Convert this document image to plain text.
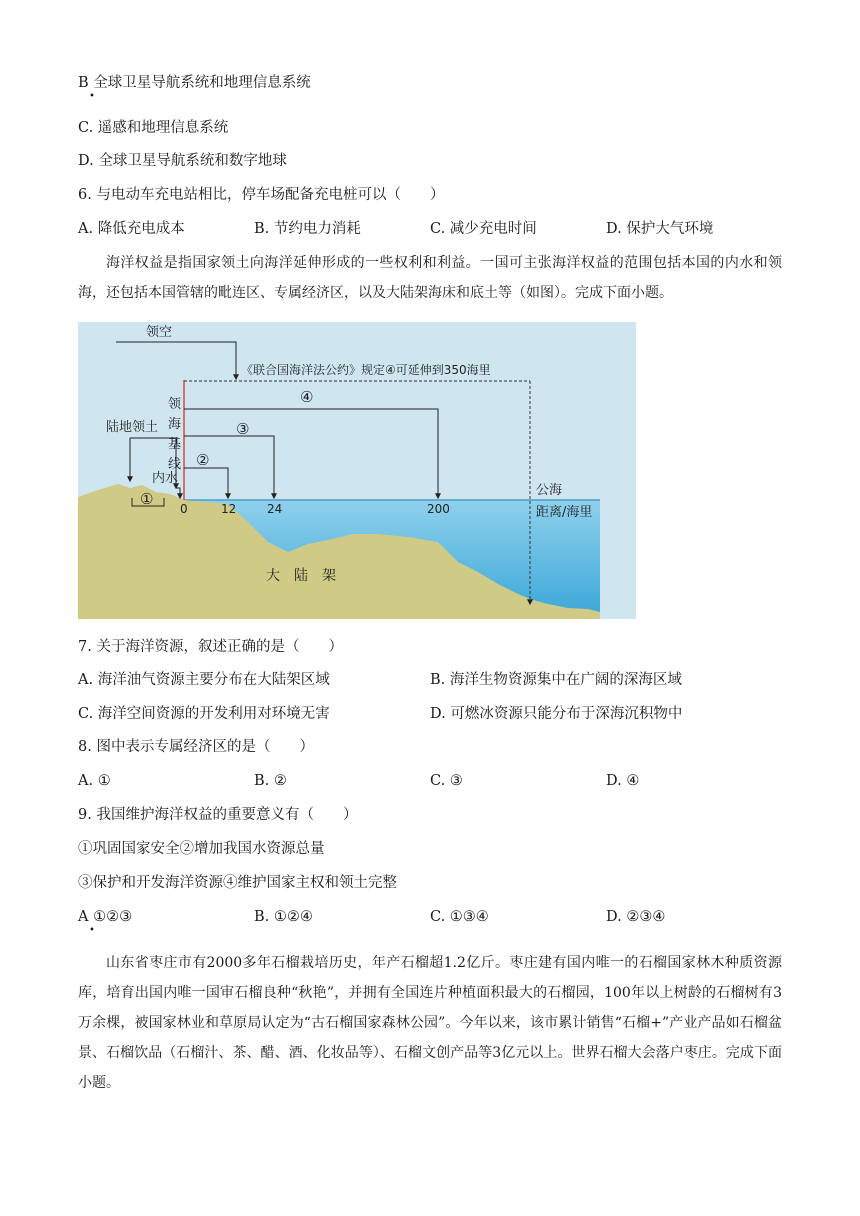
B 全球卫星导航系统和地理信息系统
•
C. 遥感和地理信息系统
D. 全球卫星导航系统和数字地球
6. 与电动车充电站相比，停车场配备充电桩可以（　　）
A. 降低充电成本	B. 节约电力消耗	C. 减少充电时间	D. 保护大气环境
海洋权益是指国家领土向海洋延伸形成的一些权利和利益。一国可主张海洋权益的范围包括本国的内水和领海，还包括本国管辖的毗连区、专属经济区，以及大陆架海床和底土等（如图）。完成下面小题。
领空
《联合国海洋法公约》规定④可延伸到350海里
④
③
②
领
海
基
线
陆地领土
内水
①
0	12	24	200
公海
距离/海里
大　陆　架
7. 关于海洋资源，叙述正确的是（　　）
A. 海洋油气资源主要分布在大陆架区域	B. 海洋生物资源集中在广阔的深海区域
C. 海洋空间资源的开发利用对环境无害	D. 可燃冰资源只能分布于深海沉积物中
8. 图中表示专属经济区的是（　　）
A. ①	B. ②	C. ③	D. ④
9. 我国维护海洋权益的重要意义有（　　）
①巩固国家安全②增加我国水资源总量
③保护和开发海洋资源④维护国家主权和领土完整
A ①②③
•
B. ①②④	C. ①③④	D. ②③④
山东省枣庄市有2000多年石榴栽培历史，年产石榴超1.2亿斤。枣庄建有国内唯一的石榴国家林木种质资源库，培育出国内唯一国审石榴良种“秋艳”，并拥有全国连片种植面积最大的石榴园，100年以上树龄的石榴树有3万余棵，被国家林业和草原局认定为“古石榴国家森林公园”。今年以来，该市累计销售“石榴+”产业产品如石榴盆景、石榴饮品（石榴汁、茶、醋、酒、化妆品等）、石榴文创产品等3亿元以上。世界石榴大会落户枣庄。完成下面小题。
